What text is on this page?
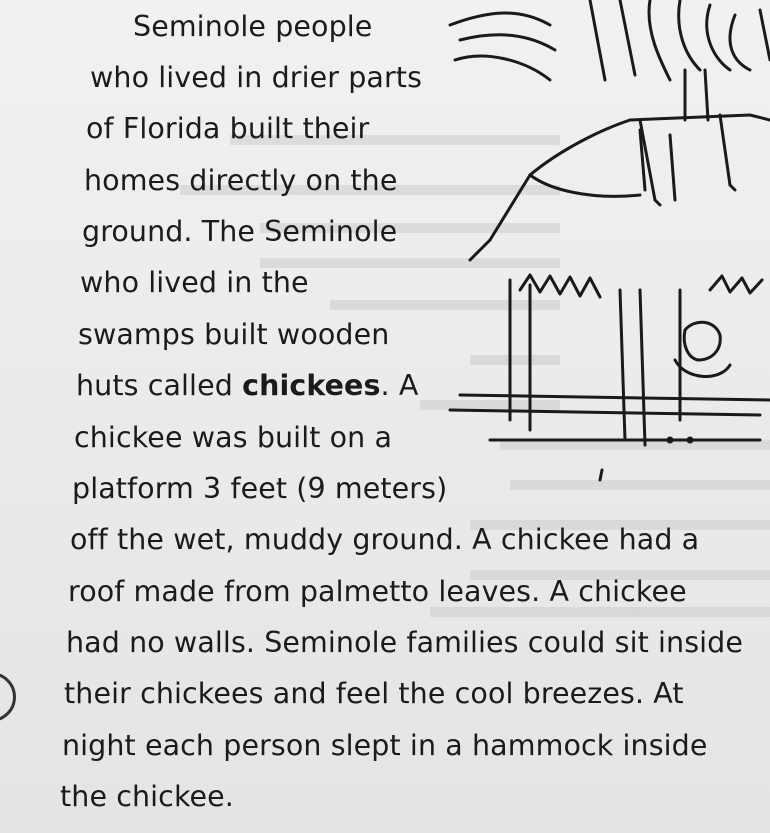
Seminole people
who lived in drier parts
of Florida built their
homes directly on the
ground. The Seminole
who lived in the
swamps built wooden
huts called chickees. A
chickee was built on a
platform 3 feet (9 meters)
off the wet, muddy ground. A chickee had a
roof made from palmetto leaves. A chickee
had no walls. Seminole families could sit inside
their chickees and feel the cool breezes. At
night each person slept in a hammock inside
the chickee.
